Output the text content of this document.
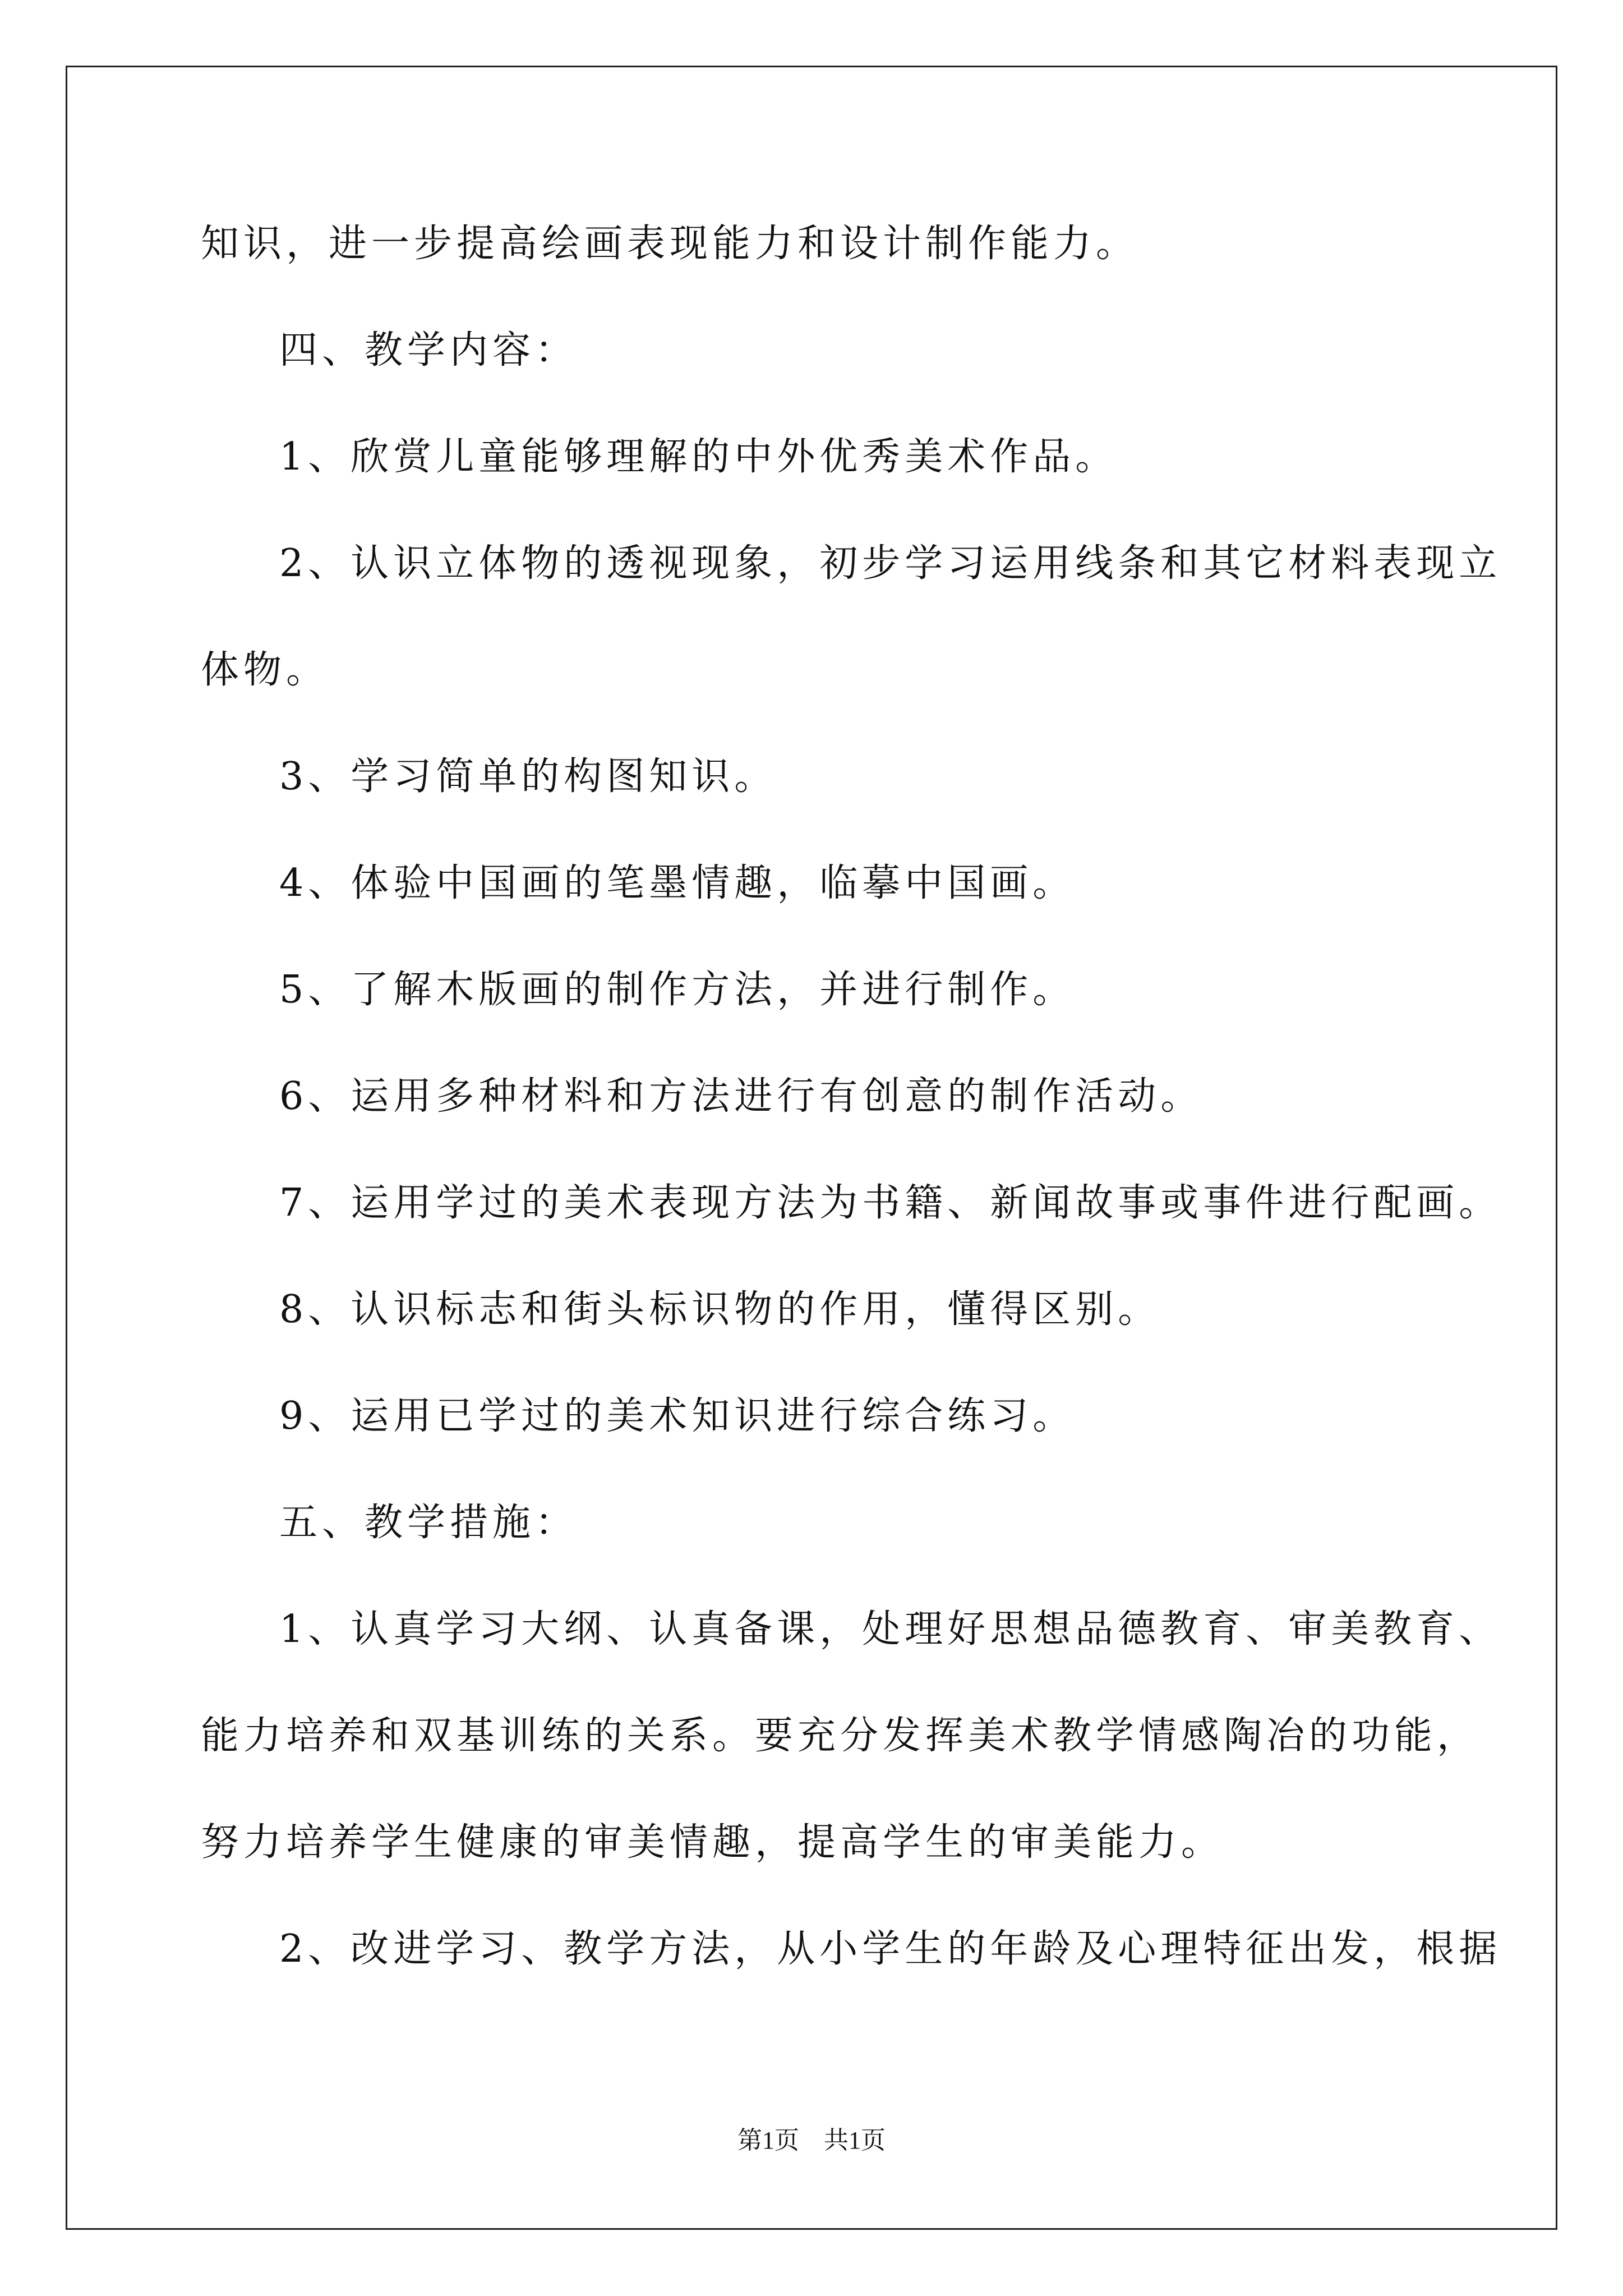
知识，进一步提高绘画表现能力和设计制作能力。
四、教学内容：
1、欣赏儿童能够理解的中外优秀美术作品。
2、认识立体物的透视现象，初步学习运用线条和其它材料表现立
体物。
3、学习简单的构图知识。
4、体验中国画的笔墨情趣，临摹中国画。
5、了解木版画的制作方法，并进行制作。
6、运用多种材料和方法进行有创意的制作活动。
7、运用学过的美术表现方法为书籍、新闻故事或事件进行配画。
8、认识标志和街头标识物的作用，懂得区别。
9、运用已学过的美术知识进行综合练习。
五、教学措施：
1、认真学习大纲、认真备课，处理好思想品德教育、审美教育、
能力培养和双基训练的关系。要充分发挥美术教学情感陶冶的功能，
努力培养学生健康的审美情趣，提高学生的审美能力。
2、改进学习、教学方法，从小学生的年龄及心理特征出发，根据
第1页　共1页
